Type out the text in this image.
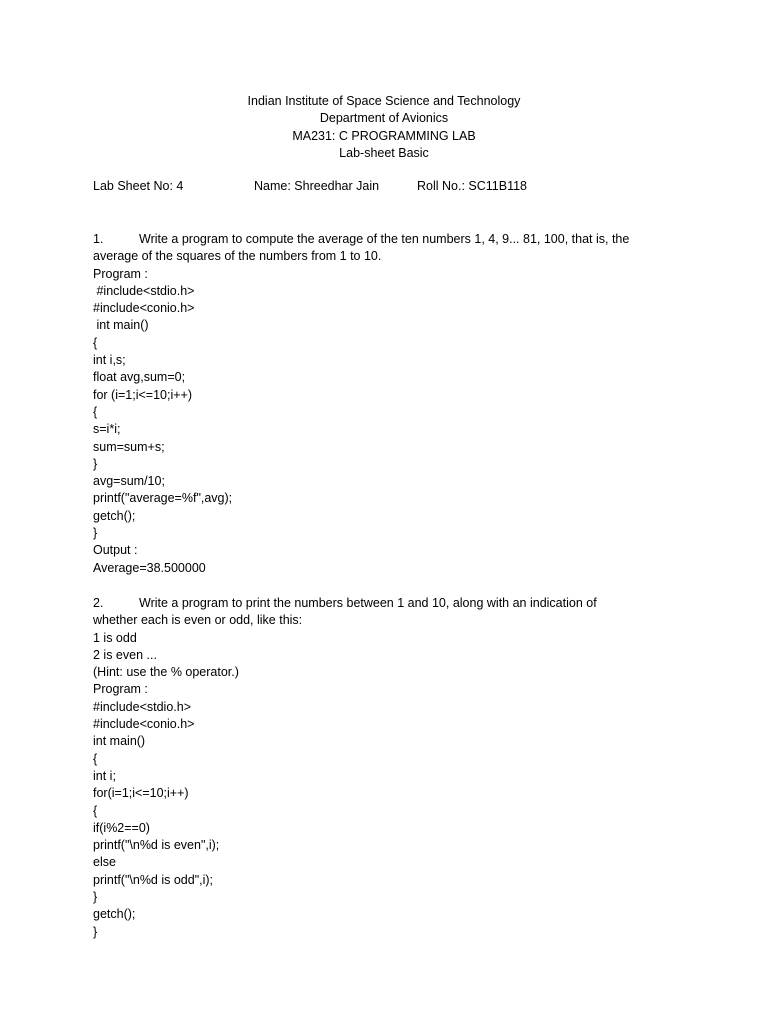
Indian Institute of Space Science and Technology
Department of Avionics
MA231: C PROGRAMMING LAB
Lab-sheet Basic
Lab Sheet No: 4	Name: Shreedhar Jain	Roll No.: SC11B118
1.	Write a program to compute the average of the ten numbers 1, 4, 9... 81, 100, that is, the
average of the squares of the numbers from 1 to 10.
Program :
#include<stdio.h>
#include<conio.h>
int main()
{
int i,s;
float avg,sum=0;
for (i=1;i<=10;i++)
{
s=i*i;
sum=sum+s;
}
avg=sum/10;
printf("average=%f",avg);
getch();
}
Output :
Average=38.500000
2.	Write a program to print the numbers between 1 and 10, along with an indication of
whether each is even or odd, like this:
1 is odd
2 is even ...
(Hint: use the % operator.)
Program :
#include<stdio.h>
#include<conio.h>
int main()
{
int i;
for(i=1;i<=10;i++)
{
if(i%2==0)
printf("\n%d is even",i);
else
printf("\n%d is odd",i);
}
getch();
}
